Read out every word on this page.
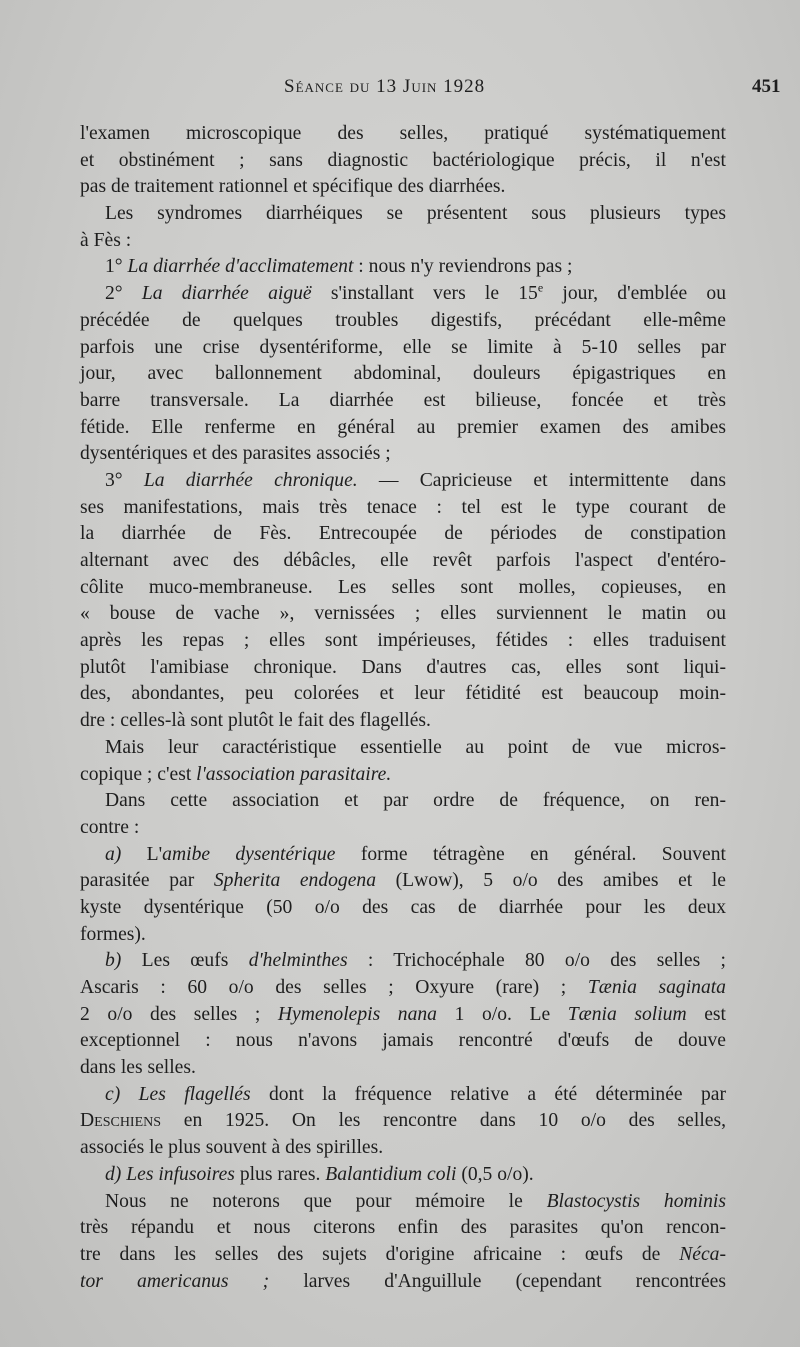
Séance du 13 Juin 1928	451
l'examen microscopique des selles, pratiqué systématiquement
et obstinément ; sans diagnostic bactériologique précis, il n'est
pas de traitement rationnel et spécifique des diarrhées.
Les syndromes diarrhéiques se présentent sous plusieurs types
à Fès :
1° La diarrhée d'acclimatement : nous n'y reviendrons pas ;
2° La diarrhée aiguë s'installant vers le 15e jour, d'emblée ou
précédée de quelques troubles digestifs, précédant elle-même
parfois une crise dysentériforme, elle se limite à 5-10 selles par
jour, avec ballonnement abdominal, douleurs épigastriques en
barre transversale. La diarrhée est bilieuse, foncée et très
fétide. Elle renferme en général au premier examen des amibes
dysentériques et des parasites associés ;
3° La diarrhée chronique. — Capricieuse et intermittente dans
ses manifestations, mais très tenace : tel est le type courant de
la diarrhée de Fès. Entrecoupée de périodes de constipation
alternant avec des débâcles, elle revêt parfois l'aspect d'entéro-
côlite muco-membraneuse. Les selles sont molles, copieuses, en
« bouse de vache », vernissées ; elles surviennent le matin ou
après les repas ; elles sont impérieuses, fétides : elles traduisent
plutôt l'amibiase chronique. Dans d'autres cas, elles sont liqui-
des, abondantes, peu colorées et leur fétidité est beaucoup moin-
dre : celles-là sont plutôt le fait des flagellés.
Mais leur caractéristique essentielle au point de vue micros-
copique ; c'est l'association parasitaire.
Dans cette association et par ordre de fréquence, on ren-
contre :
a) L'amibe dysentérique forme tétragène en général. Souvent
parasitée par Spherita endogena (Lwow), 5 o/o des amibes et le
kyste dysentérique (50 o/o des cas de diarrhée pour les deux
formes).
b) Les œufs d'helminthes : Trichocéphale 80 o/o des selles ;
Ascaris : 60 o/o des selles ; Oxyure (rare) ; Tænia saginata
2 o/o des selles ; Hymenolepis nana 1 o/o. Le Tænia solium est
exceptionnel : nous n'avons jamais rencontré d'œufs de douve
dans les selles.
c) Les flagellés dont la fréquence relative a été déterminée par
Deschiens en 1925. On les rencontre dans 10 o/o des selles,
associés le plus souvent à des spirilles.
d) Les infusoires plus rares. Balantidium coli (0,5 o/o).
Nous ne noterons que pour mémoire le Blastocystis hominis
très répandu et nous citerons enfin des parasites qu'on rencon-
tre dans les selles des sujets d'origine africaine : œufs de Néca-
tor americanus ; larves d'Anguillule (cependant rencontrées
